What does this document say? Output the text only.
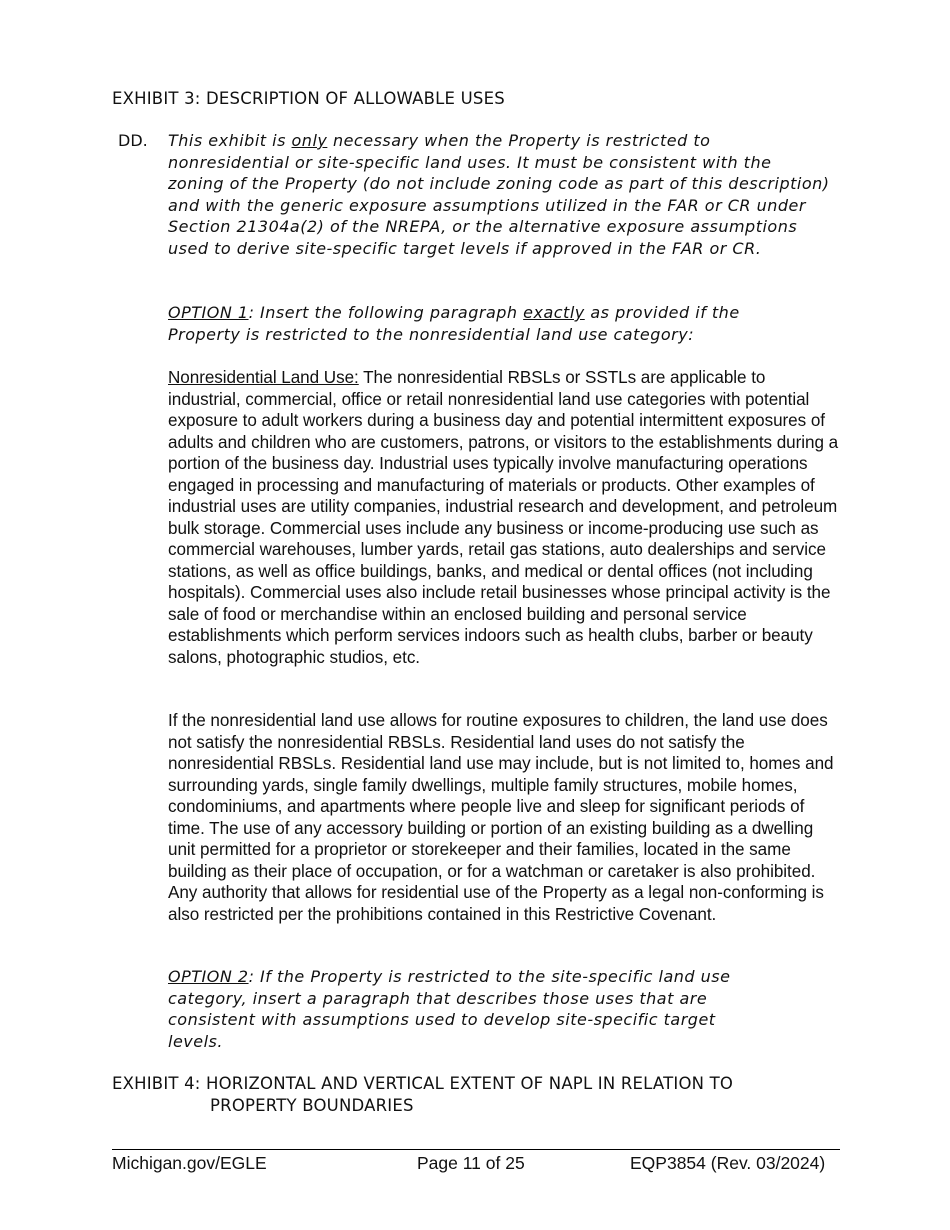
EXHIBIT 3: DESCRIPTION OF ALLOWABLE USES
DD. This exhibit is only necessary when the Property is restricted to nonresidential or site-specific land uses. It must be consistent with the zoning of the Property (do not include zoning code as part of this description) and with the generic exposure assumptions utilized in the FAR or CR under Section 21304a(2) of the NREPA, or the alternative exposure assumptions used to derive site-specific target levels if approved in the FAR or CR.
OPTION 1: Insert the following paragraph exactly as provided if the Property is restricted to the nonresidential land use category:
Nonresidential Land Use: The nonresidential RBSLs or SSTLs are applicable to industrial, commercial, office or retail nonresidential land use categories with potential exposure to adult workers during a business day and potential intermittent exposures of adults and children who are customers, patrons, or visitors to the establishments during a portion of the business day. Industrial uses typically involve manufacturing operations engaged in processing and manufacturing of materials or products. Other examples of industrial uses are utility companies, industrial research and development, and petroleum bulk storage. Commercial uses include any business or income-producing use such as commercial warehouses, lumber yards, retail gas stations, auto dealerships and service stations, as well as office buildings, banks, and medical or dental offices (not including hospitals). Commercial uses also include retail businesses whose principal activity is the sale of food or merchandise within an enclosed building and personal service establishments which perform services indoors such as health clubs, barber or beauty salons, photographic studios, etc.
If the nonresidential land use allows for routine exposures to children, the land use does not satisfy the nonresidential RBSLs. Residential land uses do not satisfy the nonresidential RBSLs. Residential land use may include, but is not limited to, homes and surrounding yards, single family dwellings, multiple family structures, mobile homes, condominiums, and apartments where people live and sleep for significant periods of time. The use of any accessory building or portion of an existing building as a dwelling unit permitted for a proprietor or storekeeper and their families, located in the same building as their place of occupation, or for a watchman or caretaker is also prohibited. Any authority that allows for residential use of the Property as a legal non-conforming is also restricted per the prohibitions contained in this Restrictive Covenant.
OPTION 2: If the Property is restricted to the site-specific land use category, insert a paragraph that describes those uses that are consistent with assumptions used to develop site-specific target levels.
EXHIBIT 4: HORIZONTAL AND VERTICAL EXTENT OF NAPL IN RELATION TO
PROPERTY BOUNDARIES
Michigan.gov/EGLE	Page 11 of 25	EQP3854 (Rev. 03/2024)
